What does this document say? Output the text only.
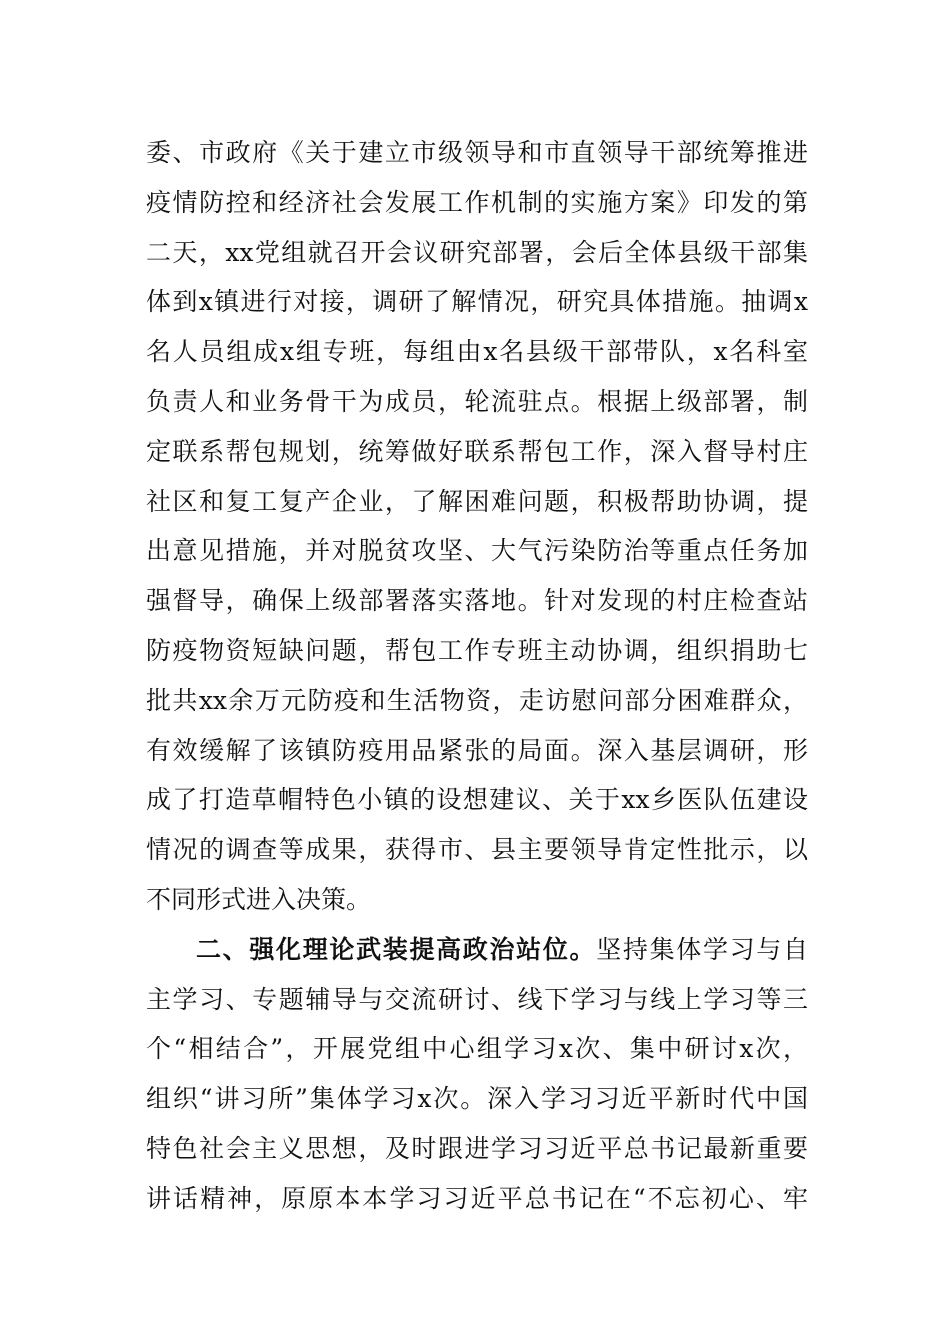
委、市政府《关于建立市级领导和市直领导干部统筹推进
疫情防控和经济社会发展工作机制的实施方案》印发的第
二天，xx党组就召开会议研究部署，会后全体县级干部集
体到x镇进行对接，调研了解情况，研究具体措施。抽调x
名人员组成x组专班，每组由x名县级干部带队，x名科室
负责人和业务骨干为成员，轮流驻点。根据上级部署，制
定联系帮包规划，统筹做好联系帮包工作，深入督导村庄
社区和复工复产企业，了解困难问题，积极帮助协调，提
出意见措施，并对脱贫攻坚、大气污染防治等重点任务加
强督导，确保上级部署落实落地。针对发现的村庄检查站
防疫物资短缺问题，帮包工作专班主动协调，组织捐助七
批共xx余万元防疫和生活物资，走访慰问部分困难群众，
有效缓解了该镇防疫用品紧张的局面。深入基层调研，形
成了打造草帽特色小镇的设想建议、关于xx乡医队伍建设
情况的调查等成果，获得市、县主要领导肯定性批示，以
不同形式进入决策。
二、强化理论武装提高政治站位。坚持集体学习与自
主学习、专题辅导与交流研讨、线下学习与线上学习等三
个“相结合”，开展党组中心组学习x次、集中研讨x次，
组织“讲习所”集体学习x次。深入学习习近平新时代中国
特色社会主义思想，及时跟进学习习近平总书记最新重要
讲话精神，原原本本学习习近平总书记在“不忘初心、牢
